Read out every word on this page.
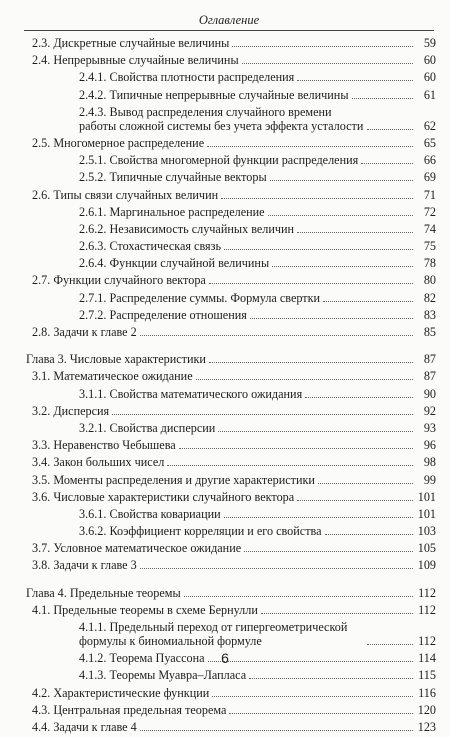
Оглавление
2.3. Дискретные случайные величины	59
2.4. Непрерывные случайные величины	60
2.4.1. Свойства плотности распределения	60
2.4.2. Типичные непрерывные случайные величины	61
2.4.3. Вывод распределения случайного времени работы сложной системы без учета эффекта усталости	62
2.5. Многомерное распределение	65
2.5.1. Свойства многомерной функции распределения	66
2.5.2. Типичные случайные векторы	69
2.6. Типы связи случайных величин	71
2.6.1. Маргинальное распределение	72
2.6.2. Независимость случайных величин	74
2.6.3. Стохастическая связь	75
2.6.4. Функции случайной величины	78
2.7. Функции случайного вектора	80
2.7.1. Распределение суммы. Формула свертки	82
2.7.2. Распределение отношения	83
2.8. Задачи к главе 2	85
Глава 3. Числовые характеристики	87
3.1. Математическое ожидание	87
3.1.1. Свойства математического ожидания	90
3.2. Дисперсия	92
3.2.1. Свойства дисперсии	93
3.3. Неравенство Чебышева	96
3.4. Закон больших чисел	98
3.5. Моменты распределения и другие характеристики	99
3.6. Числовые характеристики случайного вектора	101
3.6.1. Свойства ковариации	101
3.6.2. Коэффициент корреляции и его свойства	103
3.7. Условное математическое ожидание	105
3.8. Задачи к главе 3	109
Глава 4. Предельные теоремы	112
4.1. Предельные теоремы в схеме Бернулли	112
4.1.1. Предельный переход от гипергеометрической формулы к биномиальной формуле	112
4.1.2. Теорема Пуассона	114
4.1.3. Теоремы Муавра–Лапласа	115
4.2. Характеристические функции	116
4.3. Центральная предельная теорема	120
4.4. Задачи к главе 4	123
6
